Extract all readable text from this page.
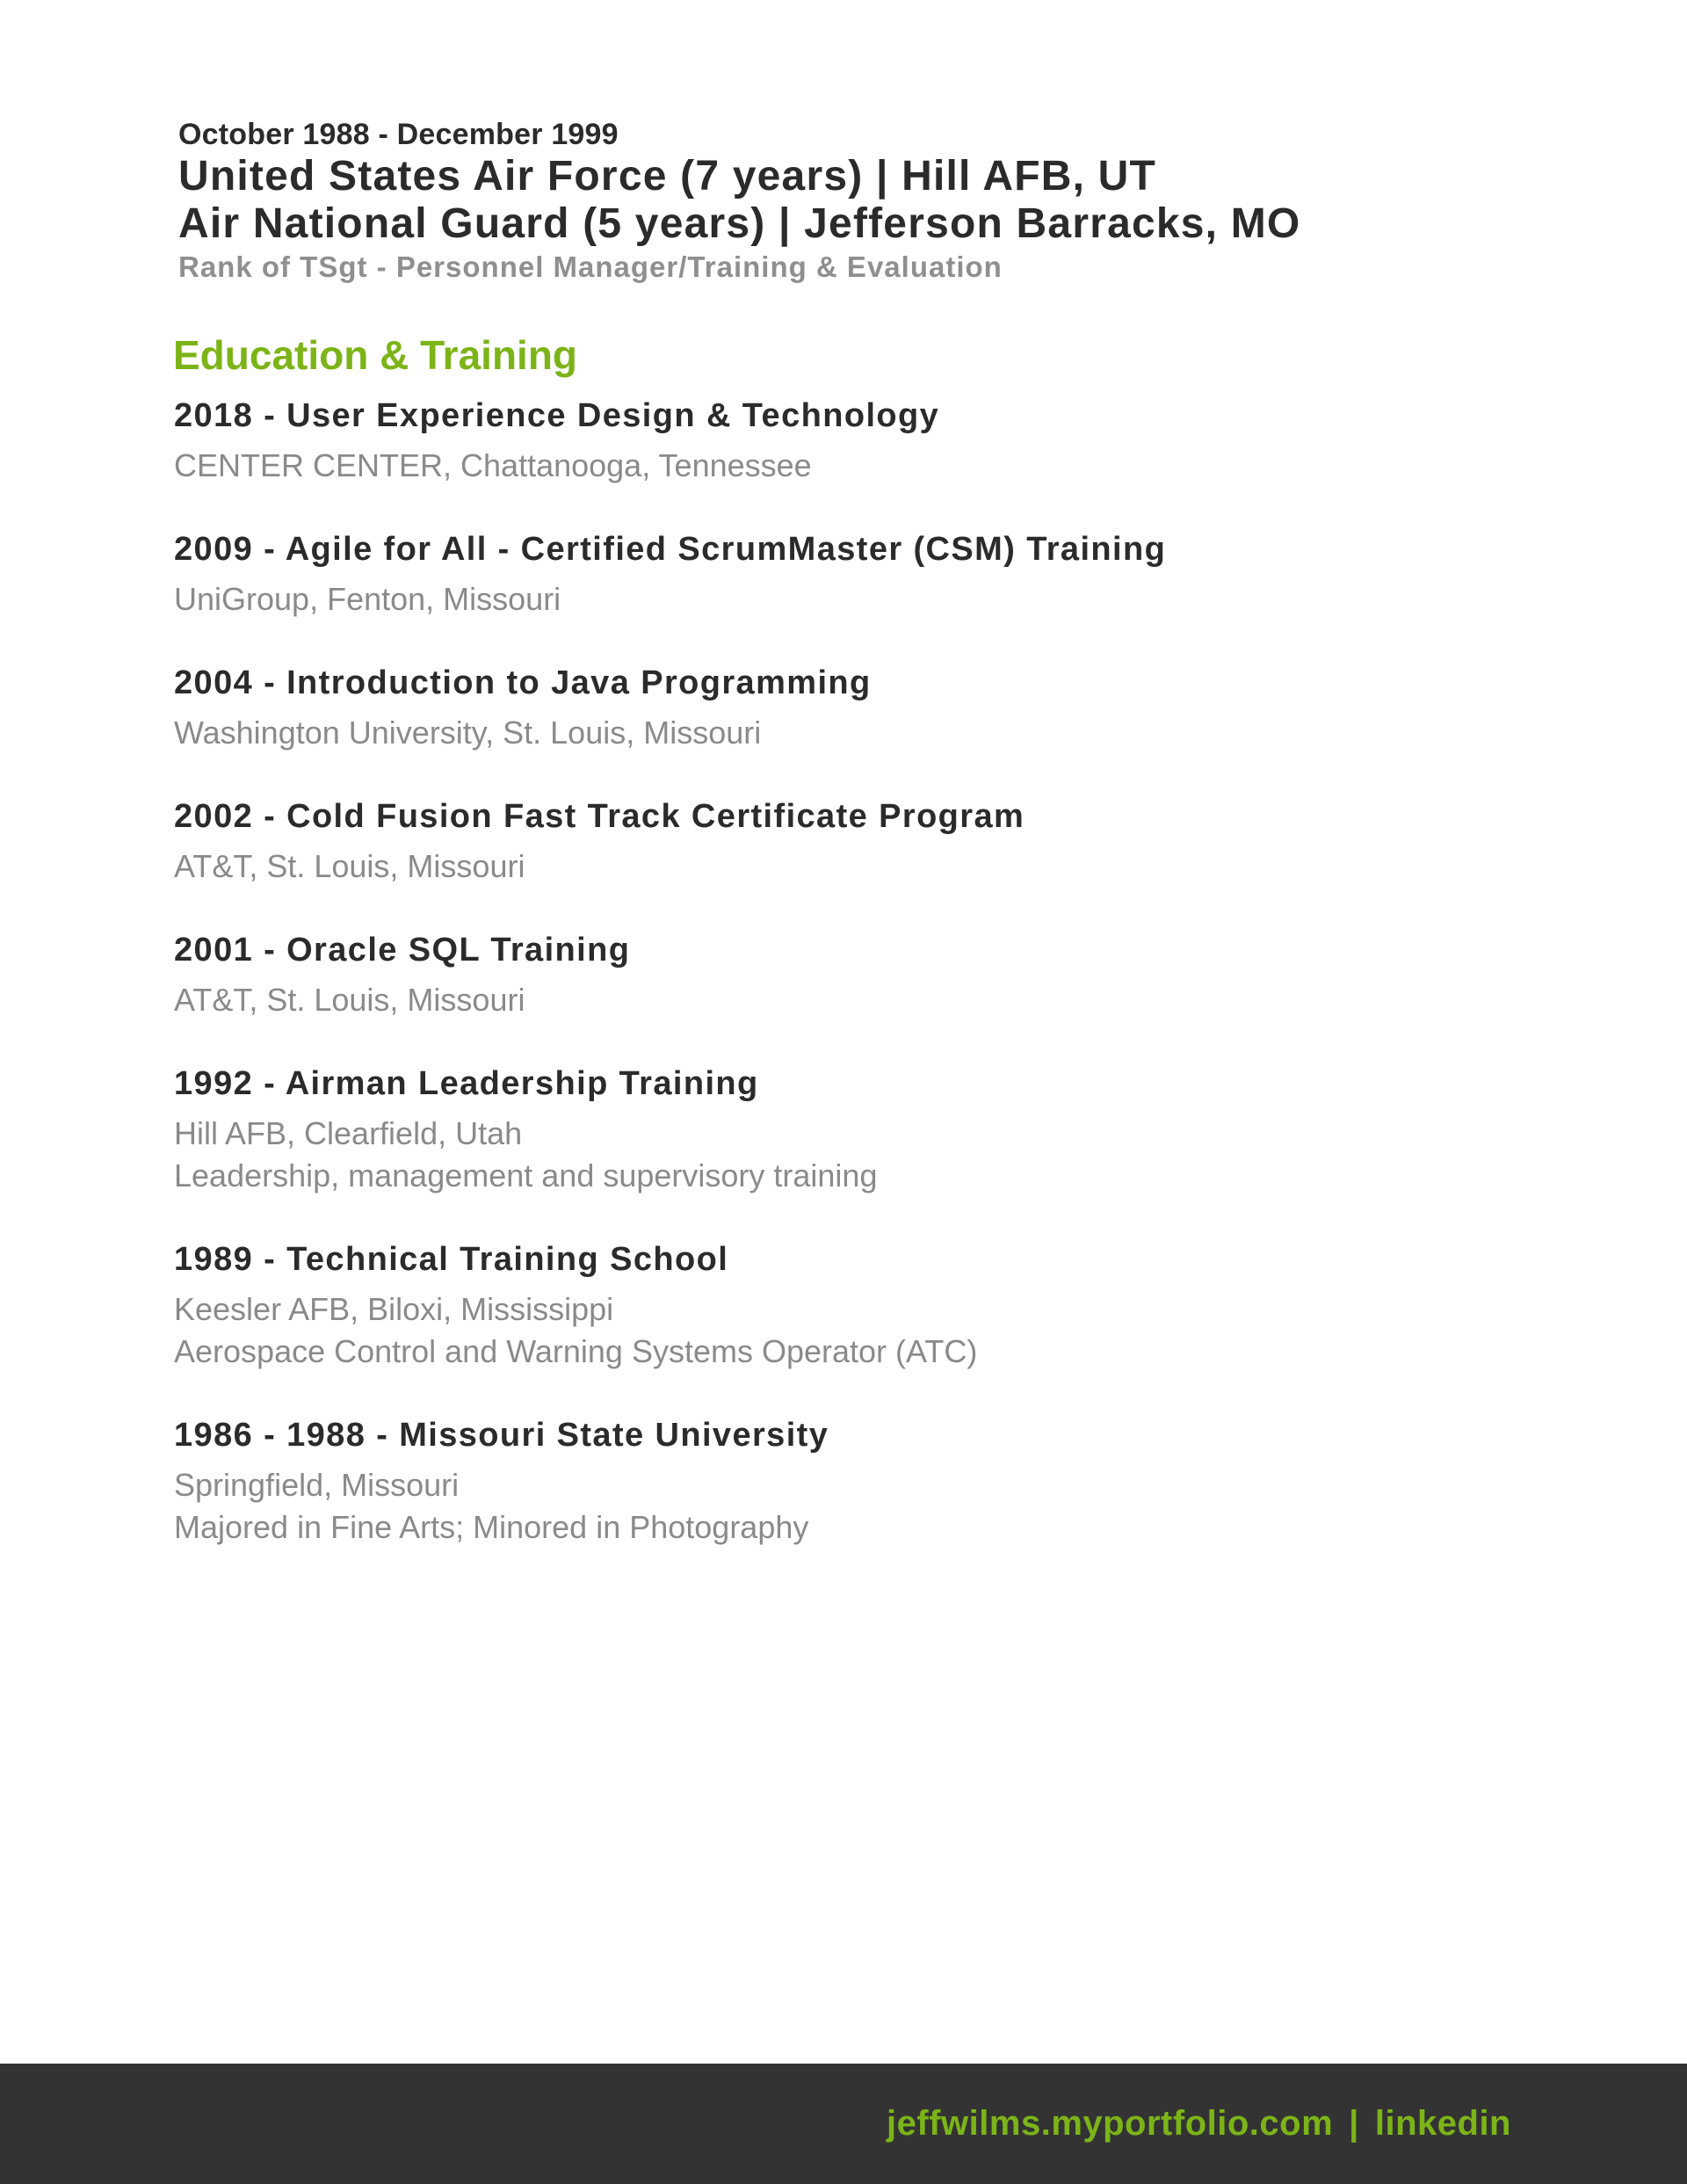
October 1988 - December 1999
United States Air Force (7 years) | Hill AFB, UT
Air National Guard (5 years) | Jefferson Barracks, MO
Rank of TSgt - Personnel Manager/Training & Evaluation
Education & Training
2018 - User Experience Design & Technology
CENTER CENTER, Chattanooga, Tennessee
2009 - Agile for All - Certified ScrumMaster (CSM) Training
UniGroup, Fenton, Missouri
2004 - Introduction to Java Programming
Washington University, St. Louis, Missouri
2002 - Cold Fusion Fast Track Certificate Program
AT&T, St. Louis, Missouri
2001 - Oracle SQL Training
AT&T, St. Louis, Missouri
1992 - Airman Leadership Training
Hill AFB, Clearfield, Utah
Leadership, management and supervisory training
1989 - Technical Training School
Keesler AFB, Biloxi, Mississippi
Aerospace Control and Warning Systems Operator (ATC)
1986 - 1988 - Missouri State University
Springfield, Missouri
Majored in Fine Arts; Minored in Photography
jeffwilms.myportfolio.com | linkedin
